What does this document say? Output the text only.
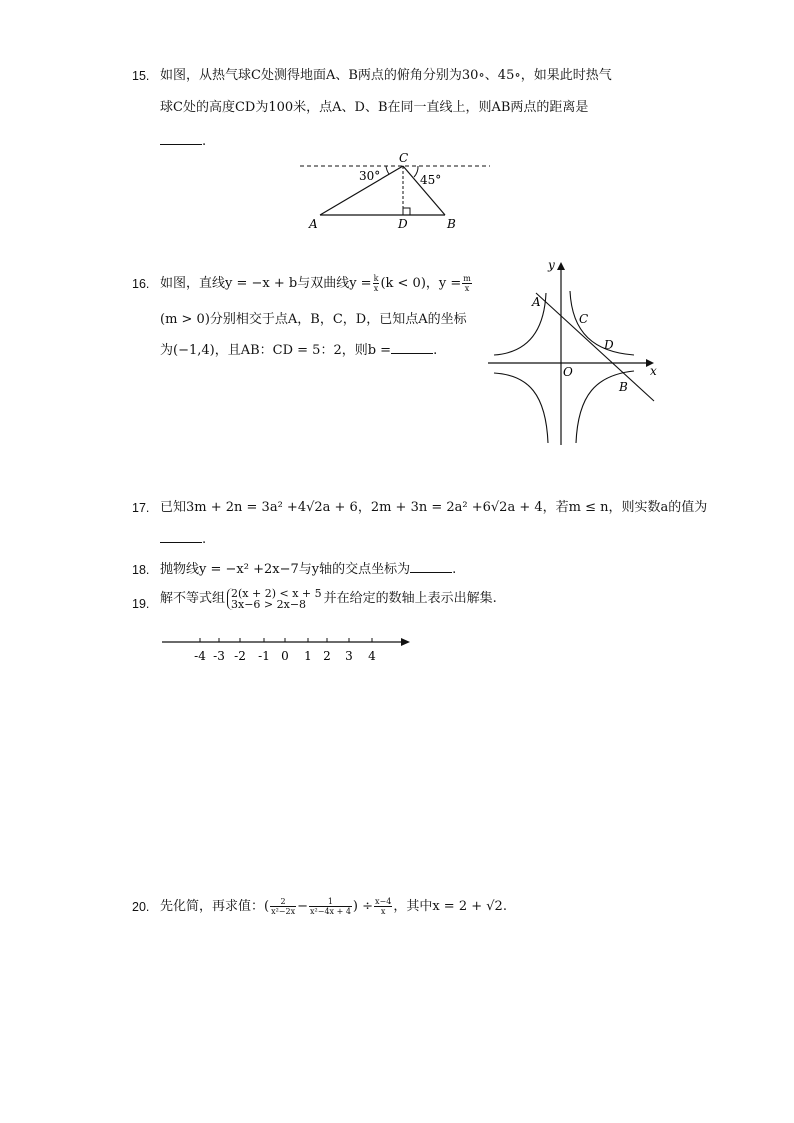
15. 如图，从热气球C处测得地面A、B两点的俯角分别为30∘、45∘，如果此时热气
球C处的高度CD为100米，点A、D、B在同一直线上，则AB两点的距离是
.
C
30°	45°
A	D	B
16. 如图，直线y = −x + b与双曲线$y = \frac{k}{x} (k < 0)$，$y = \frac{m}{x}$
(m > 0)分别相交于点A，B，C，D，已知点A的坐标
为(−1,4)，且AB：CD = 5：2，则b =	.
x
y
O
A
C
D
B
17. 已知3m + 2n = 3a² +4√2a + 6，2m + 3n = 2a² +6√2a + 4，若m ≤ n，则实数a的值为
.
18. 抛物线y = −x² +2x−7与y轴的交点坐标为	.
19. 解不等式组 2(x + 2) < x + 5
3x−6 > 2x−8	并在给定的数轴上表示出解集.
-4 -3 -2 -1 0 1 2 3 4
20. 先化简，再求值：( $\frac{2}{\text{x²−2x}} - \frac{1}{\text{x²−4x + 4}}$ ) ÷ $\frac{x-4}{x}$ ，其中x = 2 + √2.
